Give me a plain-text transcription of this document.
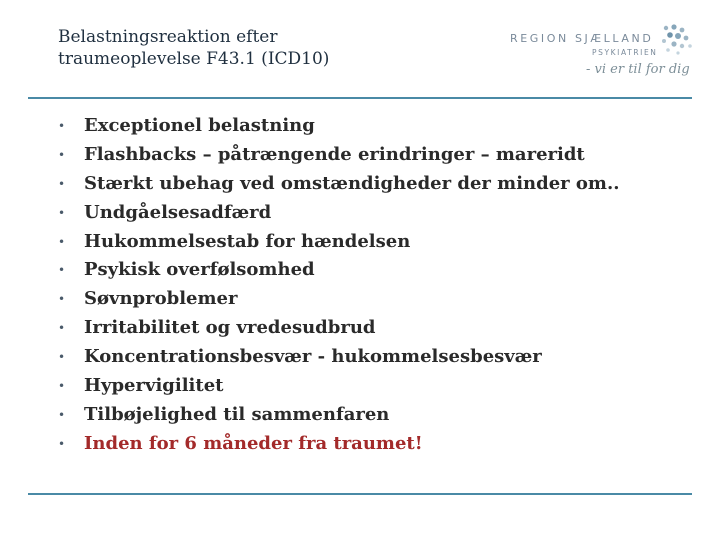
Belastningsreaktion efter
traumeoplevelse F43.1 (ICD10)
REGION SJÆLLAND
PSYKIATRIEN
- vi er til for dig
• Exceptionel belastning
• Flashbacks – påtrængende erindringer – mareridt
• Stærkt ubehag ved omstændigheder der minder om..
• Undgåelsesadfærd
• Hukommelsestab for hændelsen
• Psykisk overfølsomhed
• Søvnproblemer
• Irritabilitet og vredesudbrud
• Koncentrationsbesvær - hukommelsesbesvær
• Hypervigilitet
• Tilbøjelighed til sammenfaren
• Inden for 6 måneder fra traumet!
